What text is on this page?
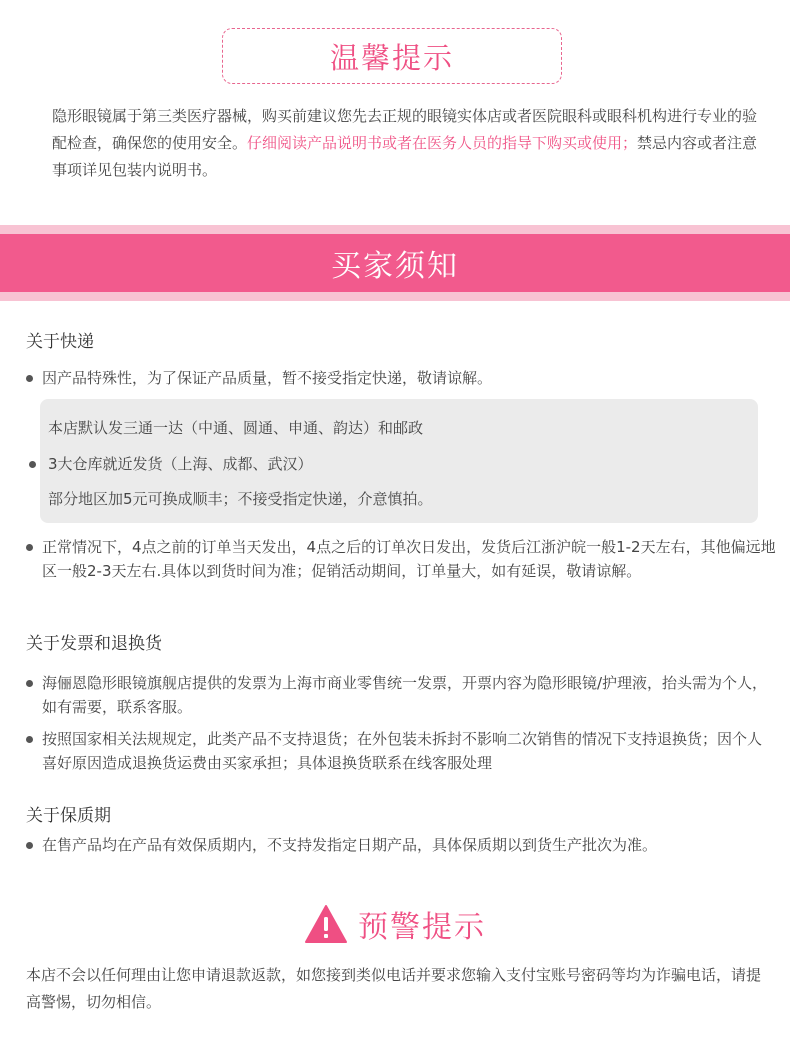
温馨提示

隐形眼镜属于第三类医疗器械，购买前建议您先去正规的眼镜实体店或者医院眼科或眼科机构进行专业的验配检查，确保您的使用安全。仔细阅读产品说明书或者在医务人员的指导下购买或使用；禁忌内容或者注意事项详见包装内说明书。

买家须知
关于快递
因产品特殊性，为了保证产品质量，暂不接受指定快递，敬请谅解。
本店默认发三通一达（中通、圆通、申通、韵达）和邮政
3大仓库就近发货（上海、成都、武汉）
部分地区加5元可换成顺丰；不接受指定快递，介意慎拍。
正常情况下，4点之前的订单当天发出，4点之后的订单次日发出，发货后江浙沪皖一般1-2天左右，其他偏远地区一般2-3天左右.具体以到货时间为准；促销活动期间，订单量大，如有延误，敬请谅解。
关于发票和退换货
海俪恩隐形眼镜旗舰店提供的发票为上海市商业零售统一发票，开票内容为隐形眼镜/护理液，抬头需为个人，如有需要，联系客服。
按照国家相关法规规定，此类产品不支持退货；在外包装未拆封不影响二次销售的情况下支持退换货；因个人喜好原因造成退换货运费由买家承担；具体退换货联系在线客服处理
关于保质期
在售产品均在产品有效保质期内，不支持发指定日期产品，具体保质期以到货生产批次为准。
预警提示

本店不会以任何理由让您申请退款返款，如您接到类似电话并要求您输入支付宝账号密码等均为诈骗电话，请提高警惕，切勿相信。
